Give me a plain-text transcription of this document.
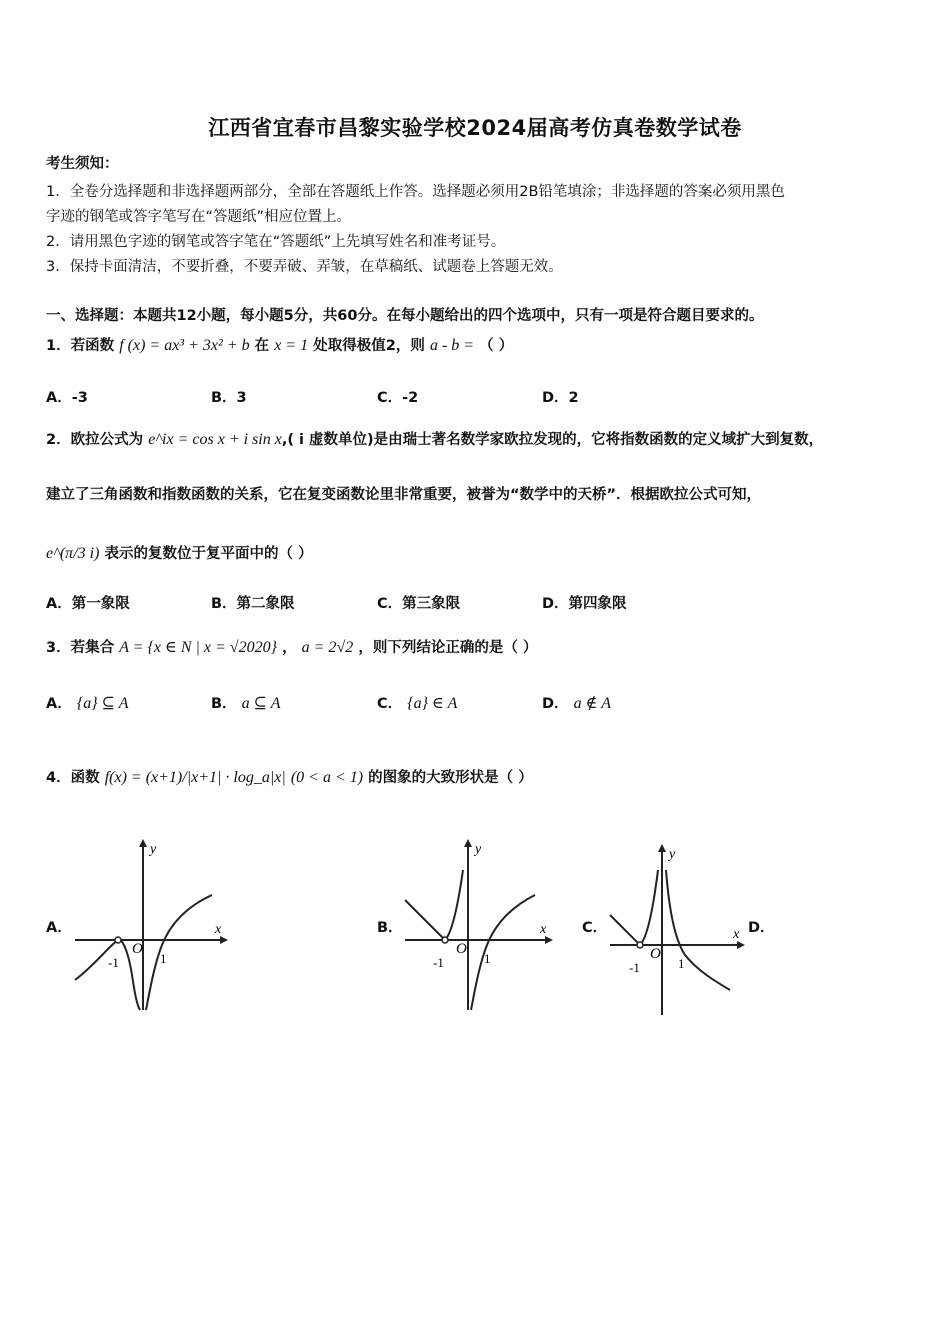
江西省宜春市昌黎实验学校2024届高考仿真卷数学试卷
考生须知：
1．全卷分选择题和非选择题两部分，全部在答题纸上作答。选择题必须用2B铅笔填涂；非选择题的答案必须用黑色
字迹的钢笔或答字笔写在“答题纸”相应位置上。
2．请用黑色字迹的钢笔或答字笔在“答题纸”上先填写姓名和准考证号。
3．保持卡面清洁，不要折叠，不要弄破、弄皱，在草稿纸、试题卷上答题无效。
一、选择题：本题共12小题，每小题5分，共60分。在每小题给出的四个选项中，只有一项是符合题目要求的。
1．若函数 f (x) = ax³ + 3x² + b 在 x = 1 处取得极值2，则 a - b = （ ）
A．-3	B．3	C．-2	D．2
2．欧拉公式为 e^ix = cos x + i sin x,( i 虚数单位)是由瑞士著名数学家欧拉发现的，它将指数函数的定义域扩大到复数，
建立了三角函数和指数函数的关系，它在复变函数论里非常重要，被誉为“数学中的天桥”．根据欧拉公式可知，
e^(π/3 i) 表示的复数位于复平面中的（ ）
A．第一象限	B．第二象限	C．第三象限	D．第四象限
3．若集合 A = {x ∈ N | x = √2020} ， a = 2√2 ，则下列结论正确的是（ ）
A． {a} ⊆ A	B． a ⊆ A	C． {a} ∈ A	D． a ∉ A
4．函数 f(x) = (x+1)/|x+1| · log_a|x| (0 < a < 1) 的图象的大致形状是（ ）
A．	B．	C．	D．
x
y
O
-1	1
x
y
O
-1	1
x
y
O
-1	1
